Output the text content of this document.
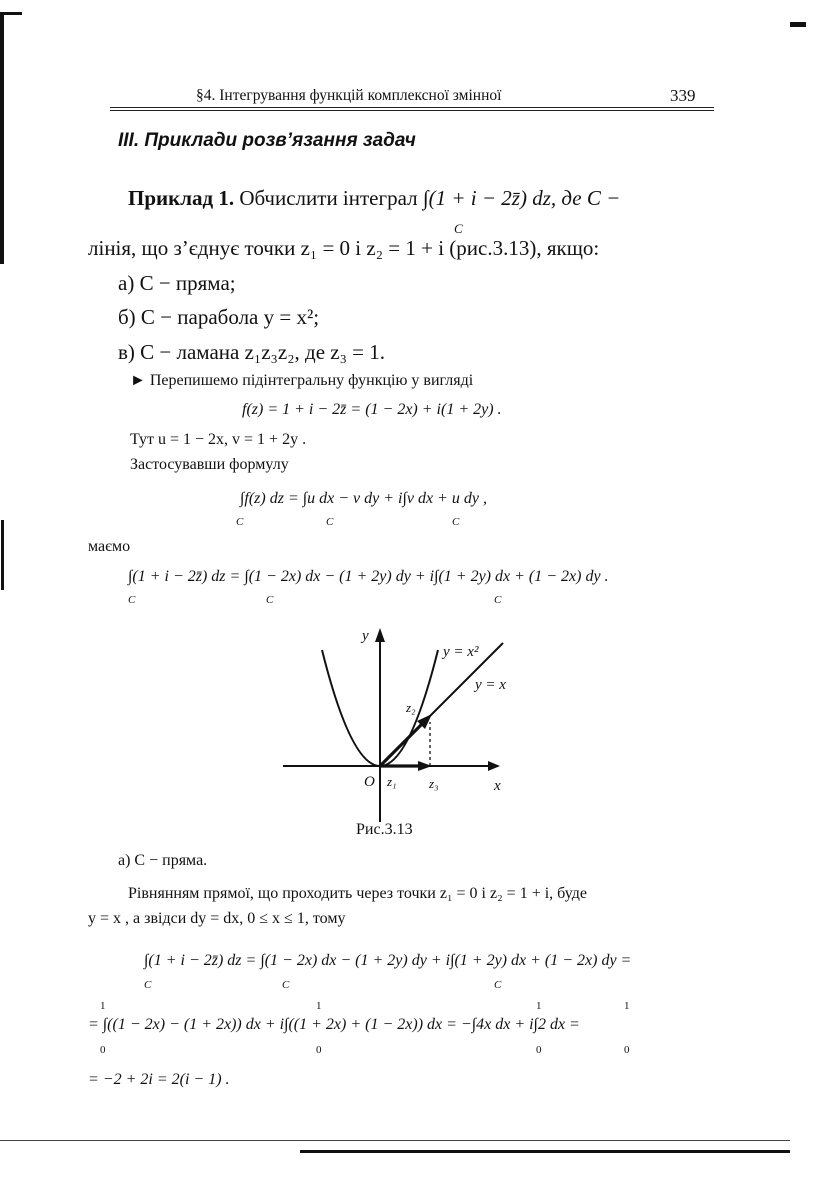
§4. Інтегрування функцій комплексної змінної	339
III. Приклади розв’язання задач
Приклад 1. Обчислити інтеграл ∫(1 + i − 2z̄) dz, де C −
C
лінія, що з’єднує точки z₁ = 0 і z₂ = 1 + i (рис.3.13), якщо:
а) C − пряма;
б) C − парабола y = x²;
в) C − ламана z₁z₃z₂, де z₃ = 1.
► Перепишемо підінтегральну функцію у вигляді
f(z) = 1 + i − 2z̄ = (1 − 2x) + i(1 + 2y) .
Тут u = 1 − 2x, v = 1 + 2y .
Застосувавши формулу
∫f(z) dz = ∫u dx − v dy + i∫v dx + u dy ,
C	C	C
маємо
∫(1 + i − 2z̄) dz = ∫(1 − 2x) dx − (1 + 2y) dy + i∫(1 + 2y) dx + (1 − 2x) dy .
C	C	C
y
x
O
y = x²
y = x
z₂
z₁ z₃
Рис.3.13
а) C − пряма.
Рівнянням прямої, що проходить через точки z₁ = 0 і z₂ = 1 + i, буде
y = x , а звідси dy = dx, 0 ≤ x ≤ 1, тому
∫(1 + i − 2z̄) dz = ∫(1 − 2x) dx − (1 + 2y) dy + i∫(1 + 2y) dx + (1 − 2x) dy =
C	C	C
1	1	1	1
= ∫((1 − 2x) − (1 + 2x)) dx + i∫((1 + 2x) + (1 − 2x)) dx = −∫4x dx + i∫2 dx =
0	0	0	0
= −2 + 2i = 2(i − 1) .
